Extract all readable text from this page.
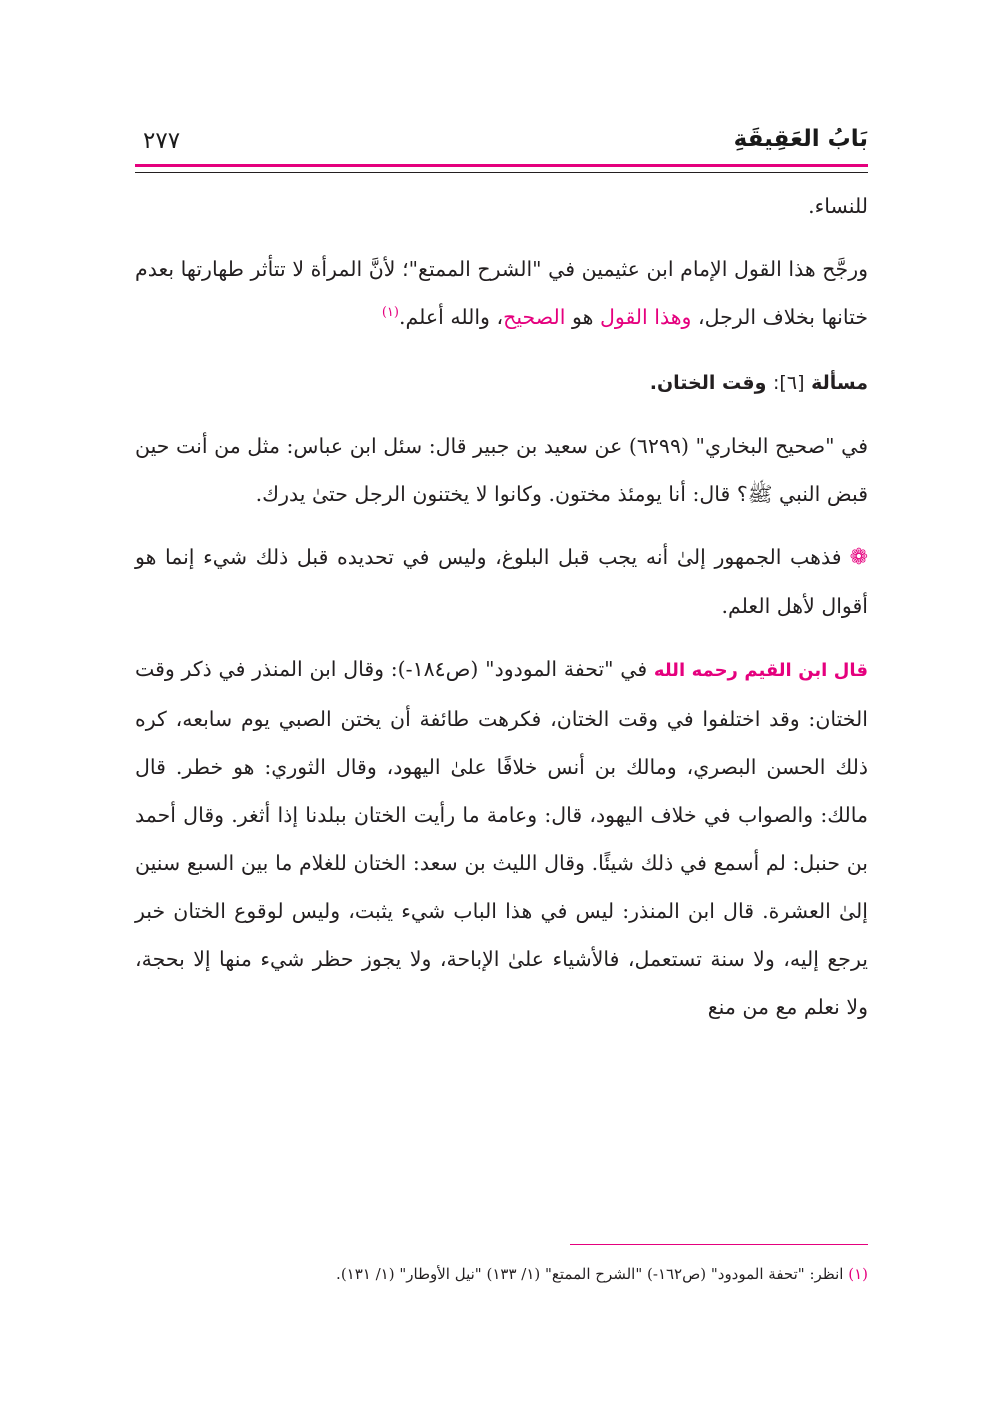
بَابُ العَقِيقَةِ
٢٧٧

للنساء.

ورجَّح هذا القول الإمام ابن عثيمين في "الشرح الممتع"؛ لأنَّ المرأة لا تتأثر طهارتها بعدم ختانها بخلاف الرجل، وهذا القول هو الصحيح، والله أعلم.$^{(١)}$

مسألة [٦]: وقت الختان.

في "صحيح البخاري" (٦٢٩٩) عن سعيد بن جبير قال: سئل ابن عباس: مثل من أنت حين قبض النبي ﷺ؟ قال: أنا يومئذ مختون. وكانوا لا يختنون الرجل حتىٰ يدرك.

❁فذهب الجمهور إلىٰ أنه يجب قبل البلوغ، وليس في تحديده قبل ذلك شيء إنما هو أقوال لأهل العلم.

قال ابن القيم رحمه الله في "تحفة المودود" (ص١٨٤-): وقال ابن المنذر في ذكر وقت الختان: وقد اختلفوا في وقت الختان، فكرهت طائفة أن يختن الصبي يوم سابعه، كره ذلك الحسن البصري، ومالك بن أنس خلافًا علىٰ اليهود، وقال الثوري: هو خطر. قال مالك: والصواب في خلاف اليهود، قال: وعامة ما رأيت الختان ببلدنا إذا أثغر. وقال أحمد بن حنبل: لم أسمع في ذلك شيئًا. وقال الليث بن سعد: الختان للغلام ما بين السبع سنين إلىٰ العشرة. قال ابن المنذر: ليس في هذا الباب شيء يثبت، وليس لوقوع الختان خبر يرجع إليه، ولا سنة تستعمل، فالأشياء علىٰ الإباحة، ولا يجوز حظر شيء منها إلا بحجة، ولا نعلم مع من منع

(١) انظر: "تحفة المودود" (ص١٦٢-) "الشرح الممتع" (١/ ١٣٣) "نيل الأوطار" (١/ ١٣١).
